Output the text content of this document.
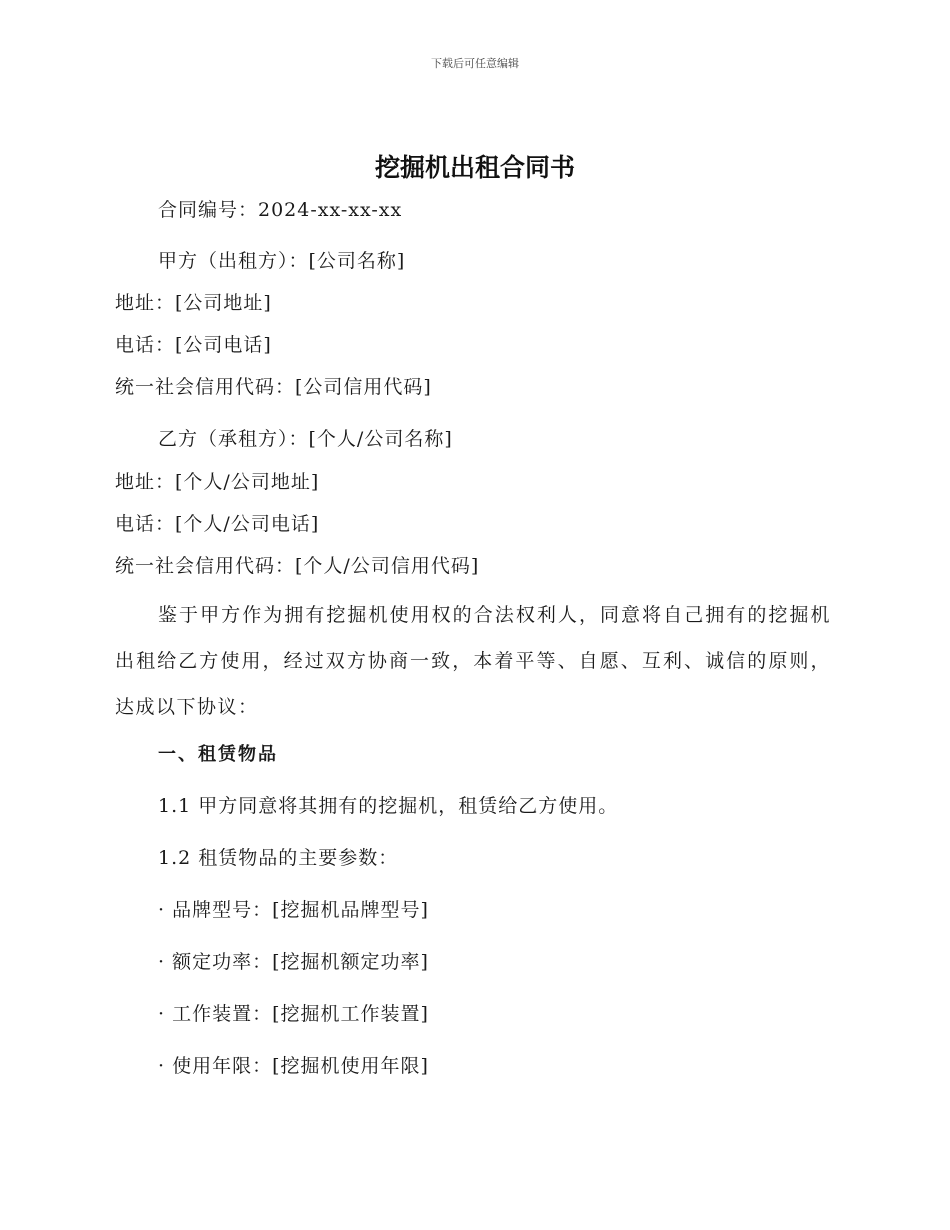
下载后可任意编辑
挖掘机出租合同书
合同编号：2024-xx-xx-xx
甲方（出租方）：[公司名称]
地址：[公司地址]
电话：[公司电话]
统一社会信用代码：[公司信用代码]
乙方（承租方）：[个人/公司名称]
地址：[个人/公司地址]
电话：[个人/公司电话]
统一社会信用代码：[个人/公司信用代码]
鉴于甲方作为拥有挖掘机使用权的合法权利人，同意将自己拥有的挖掘机出租给乙方使用，经过双方协商一致，本着平等、自愿、互利、诚信的原则，达成以下协议：
一、租赁物品
1.1 甲方同意将其拥有的挖掘机，租赁给乙方使用。
1.2 租赁物品的主要参数：
· 品牌型号：[挖掘机品牌型号]
· 额定功率：[挖掘机额定功率]
· 工作装置：[挖掘机工作装置]
· 使用年限：[挖掘机使用年限]
